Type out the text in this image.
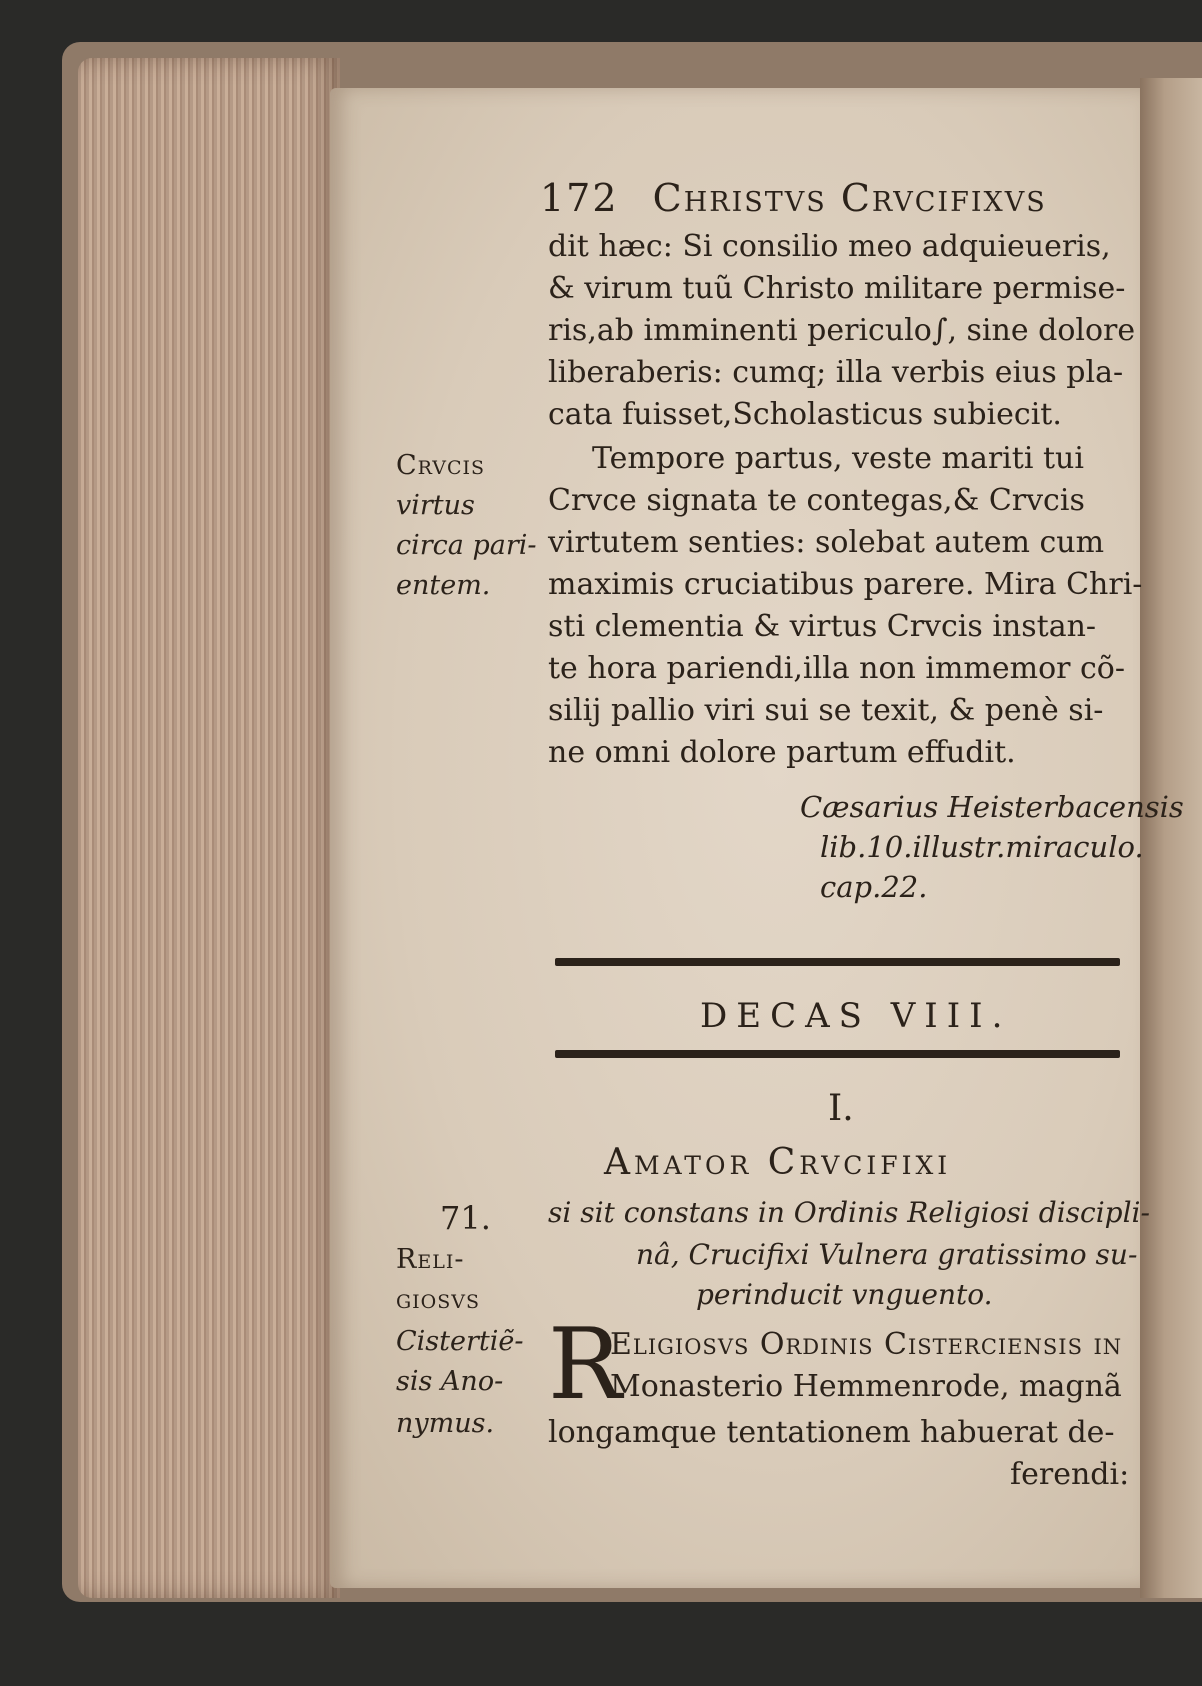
172 Christvs Crvcifixvs
dit hæc: Si consilio meo adquieueris,
& virum tuũ Christo militare permise-
ris,ab imminenti periculo∫, sine dolore
liberaberis: cumq; illa verbis eius pla-
cata fuisset,Scholasticus subiecit.
Tempore partus, veste mariti tui
Crvce signata te contegas,& Crvcis
virtutem senties: solebat autem cum
maximis cruciatibus parere. Mira Chri-
sti clementia & virtus Crvcis instan-
te hora pariendi,illa non immemor cõ-
silij pallio viri sui se texit, & penè si-
ne omni dolore partum effudit.
Crvcis
virtus
circa pari-
entem.
Cæsarius Heisterbacensis
lib.10.illustr.miraculo.
cap.22.
DECAS VIII.
I.
Amator Crvcifixi
si sit constans in Ordinis Religiosi discipli-
nâ, Crucifixi Vulnera gratissimo su-
perinducit vnguento.
71.
Reli-
giosvs
Cistertiẽ-
sis Ano-
nymus.
R
Eligiosvs Ordinis Cisterciensis in
Monasterio Hemmenrode, magnã
longamque tentationem habuerat de-
ferendi:
